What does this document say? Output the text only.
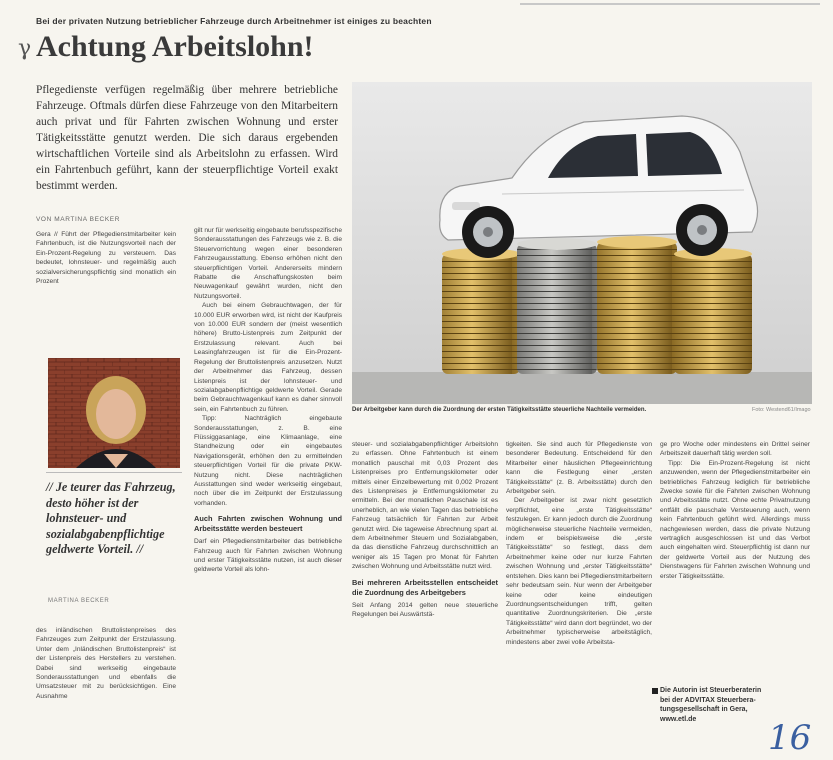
Bei der privaten Nutzung betrieblicher Fahrzeuge durch Arbeitnehmer ist einiges zu beachten
γ Achtung Arbeitslohn!

Pflegedienste verfügen regelmäßig über mehrere betriebliche Fahrzeuge. Oftmals dürfen diese Fahrzeuge von den Mitarbeitern auch privat und für Fahrten zwischen Wohnung und erster Tätigkeitsstätte genutzt werden. Die sich daraus ergebenden wirtschaftlichen Vorteile sind als Arbeitslohn zu erfassen. Wird ein Fahrtenbuch geführt, kann der steuerpflichtige Vorteil exakt bestimmt werden.

VON MARTINA BECKER

Gera // Führt der Pflegedienstmitarbeiter kein Fahrtenbuch, ist die Nutzungsvorteil nach der Ein-Prozent-Regelung zu versteuern. Das bedeutet, lohnsteuer- und regelmäßig auch sozialversicherungspflichtig sind monatlich ein Prozent

// Je teurer das Fahrzeug, desto höher ist der lohnsteuer- und sozialabgabenpflichtige geldwerte Vorteil. //
MARTINA BECKER

des inländischen Bruttolistenpreises des Fahrzeuges zum Zeitpunkt der Erstzulassung. Unter dem „Inländischen Bruttolistenpreis“ ist der Listenpreis des Herstellers zu verstehen. Dabei sind werkseitig eingebaute Sonderausstattungen und ebenfalls die Umsatzsteuer mit zu berücksichtigen. Eine Ausnahme

gilt nur für werkseitig eingebaute berufsspezifische Sonderausstattungen des Fahrzeugs wie z. B. die Steuervorrichtung wegen einer besonderen Fahrzeugausstattung. Ebenso erhöhen nicht den steuerpflichtigen Vorteil. Andererseits mindern Rabatte die Anschaffungskosten beim Neuwagenkauf gewährt wurden, nicht den Nutzungsvorteil.

Auch bei einem Gebrauchtwagen, der für 10.000 EUR erworben wird, ist nicht der Kaufpreis von 10.000 EUR sondern der (meist wesentlich höhere) Brutto-Listenpreis zum Zeitpunkt der Erstzulassung relevant. Auch bei Leasingfahrzeugen ist für die Ein-Prozent-Regelung der Bruttolistenpreis anzusetzen. Nutzt der Arbeitnehmer das Fahrzeug, dessen Listenpreis ist der lohnsteuer- und sozialabgabenpflichtige geldwerte Vorteil. Gerade beim Gebrauchtwagenkauf kann es daher sinnvoll sein, ein Fahrtenbuch zu führen.

Tipp: Nachträglich eingebaute Sonderausstattungen, z. B. eine Flüssiggasanlage, eine Klimaanlage, eine Standheizung oder ein eingebautes Navigationsgerät, erhöhen den zu ermittelnden steuerpflichtigen Vorteil für die private PKW-Nutzung nicht. Diese nachträglichen Ausstattungen sind weder werkseitig eingebaut, noch über die im Zeitpunkt der Erstzulassung vorhanden.

Auch Fahrten zwischen Wohnung und Arbeitsstätte werden besteuert

Darf ein Pflegedienstmitarbeiter das betriebliche Fahrzeug auch für Fahrten zwischen Wohnung und erster Tätigkeitsstätte nutzen, ist auch dieser geldwerte Vorteil als lohn-

Der Arbeitgeber kann durch die Zuordnung der ersten Tätigkeitsstätte steuerliche Nachteile vermeiden.	Foto: Westend61/Imago

steuer- und sozialabgabenpflichtiger Arbeitslohn zu erfassen. Ohne Fahrtenbuch ist einem monatlich pauschal mit 0,03 Prozent des Listenpreises pro Entfernungskilometer oder mittels einer Einzelbewertung mit 0,002 Prozent des Listenpreises je Entfernungskilometer zu ermitteln. Bei der monatlichen Pauschale ist es unerheblich, an wie vielen Tagen das betriebliche Fahrzeug tatsächlich für Fahrten zur Arbeit genutzt wird. Die tageweise Abrechnung spart al. dem Arbeitnehmer Steuern und Sozialabgaben, da das dienstliche Fahrzeug durchschnittlich an weniger als 15 Tagen pro Monat für Fahrten zwischen Wohnung und Arbeitsstätte nutzt wird.

Bei mehreren Arbeitsstellen entscheidet die Zuordnung des Arbeitgebers

Seit Anfang 2014 gelten neue steuerliche Regelungen bei Auswärtstä-

tigkeiten. Sie sind auch für Pflegedienste von besonderer Bedeutung. Entscheidend für den Mitarbeiter einer häuslichen Pflegeeinrichtung kann die Festlegung einer „ersten Tätigkeitsstätte“ (z. B. Arbeitsstätte) durch den Arbeitgeber sein.

Der Arbeitgeber ist zwar nicht gesetzlich verpflichtet, eine „erste Tätigkeitsstätte“ festzulegen. Er kann jedoch durch die Zuordnung möglicherweise steuerliche Nachteile vermeiden, indem er beispielsweise die „erste Tätigkeitsstätte“ so festlegt, dass dem Arbeitnehmer keine oder nur kurze Fahrten zwischen Wohnung und „erster Tätigkeitsstätte“ entstehen. Dies kann bei Pflegedienstmitarbeitern sehr bedeutsam sein. Nur wenn der Arbeitgeber keine oder keine eindeutigen Zuordnungsentscheidungen trifft, gelten quantitative Zuordnungskriterien. Die „erste Tätigkeitsstätte“ wird dann dort begründet, wo der Arbeitnehmer typischerweise arbeitstäglich, mindestens aber zwei volle Arbeitsta-

ge pro Woche oder mindestens ein Drittel seiner Arbeitszeit dauerhaft tätig werden soll.

Tipp: Die Ein-Prozent-Regelung ist nicht anzuwenden, wenn der Pflegedienstmitarbeiter ein betriebliches Fahrzeug lediglich für betriebliche Zwecke sowie für die Fahrten zwischen Wohnung und Arbeitsstätte nutzt. Ohne echte Privatnutzung entfällt die pauschale Versteuerung auch, wenn kein Fahrtenbuch geführt wird. Allerdings muss nachgewiesen werden, dass die private Nutzung vertraglich ausgeschlossen ist und das Verbot auch eingehalten wird. Steuerpflichtig ist dann nur der geldwerte Vorteil aus der Nutzung des Dienstwagens für Fahrten zwischen Wohnung und erster Tätigkeitsstätte.

Die Autorin ist Steuerberaterin
bei der ADVITAX Steuerbera-
tungsgesellschaft in Gera,
www.etl.de	16
